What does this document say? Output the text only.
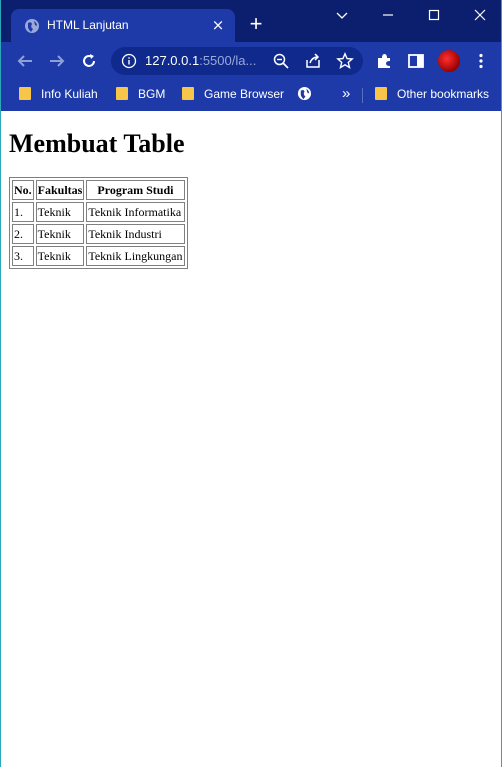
HTML Lanjutan	× +
127.0.0.1:5500/la...
Info Kuliah	BGM	Game Browser	»	Other bookmarks
Membuat Table
No.	Fakultas	Program Studi
1.	Teknik	Teknik Informatika
2.	Teknik	Teknik Industri
3.	Teknik	Teknik Lingkungan
